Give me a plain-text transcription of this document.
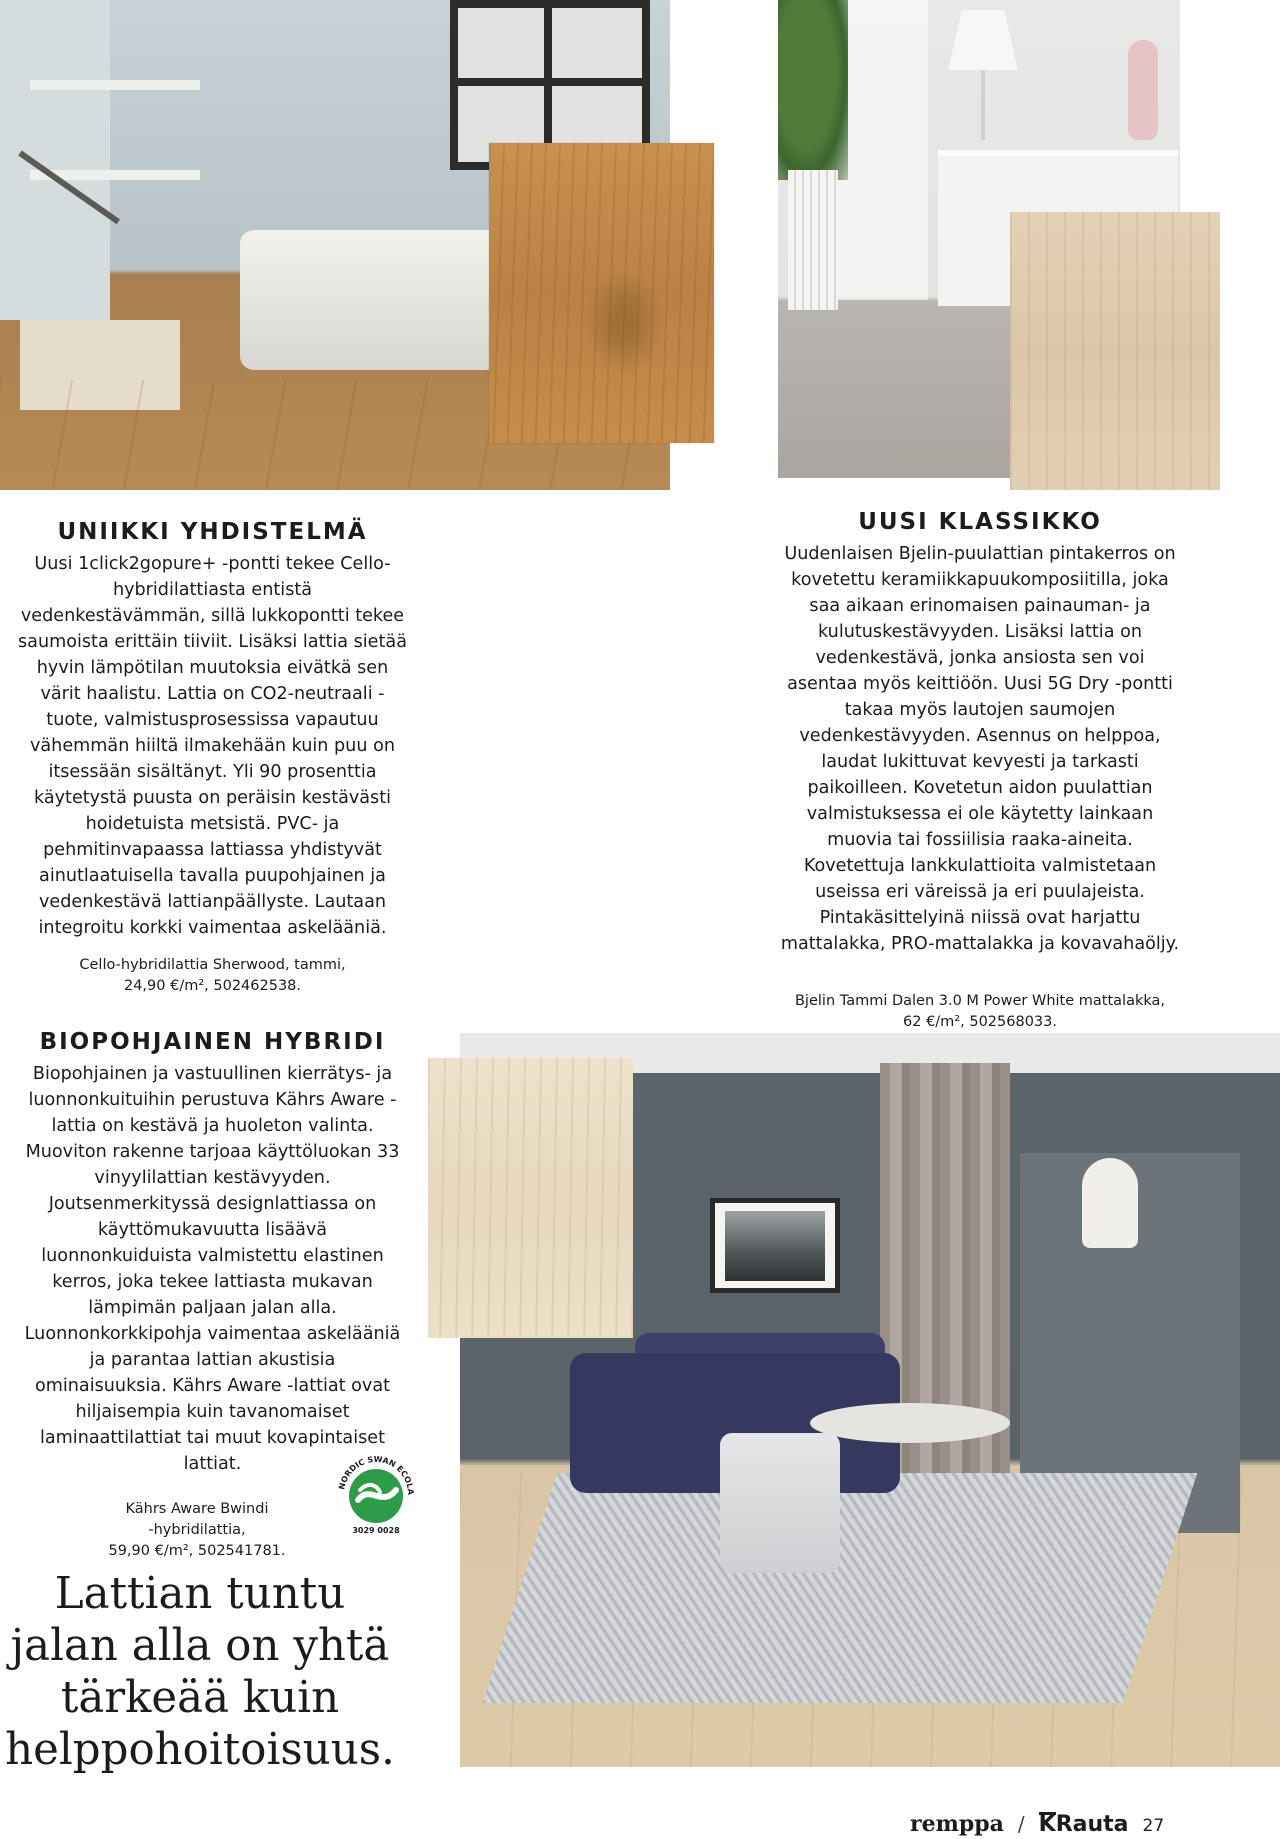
UNIIKKI YHDISTELMÄ

Uusi 1click2gopure+ -pontti tekee Cello-hybridilattiasta entistä vedenkestävämmän, sillä lukkopontti tekee saumoista erittäin tiiviit. Lisäksi lattia sietää hyvin lämpötilan muutoksia eivätkä sen värit haalistu. Lattia on CO2-neutraali -tuote, valmistusprosessissa vapautuu vähemmän hiiltä ilmakehään kuin puu on itsessään sisältänyt. Yli 90 prosenttia käytetystä puusta on peräisin kestävästi hoidetuista metsistä. PVC- ja pehmitinvapaassa lattiassa yhdistyvät ainutlaatuisella tavalla puupohjainen ja vedenkestävä lattianpäällyste. Lautaan integroitu korkki vaimentaa askelääniä.

Cello-hybridilattia Sherwood, tammi,

24,90 €/m², 502462538.

UUSI KLASSIKKO

Uudenlaisen Bjelin-puulattian pintakerros on kovetettu keramiikkapuukomposiitilla, joka saa aikaan erinomaisen painauman- ja kulutuskestävyyden. Lisäksi lattia on vedenkestävä, jonka ansiosta sen voi asentaa myös keittiöön. Uusi 5G Dry -pontti takaa myös lautojen saumojen vedenkestävyyden. Asennus on helppoa, laudat lukittuvat kevyesti ja tarkasti paikoilleen. Kovetetun aidon puulattian valmistuksessa ei ole käytetty lainkaan muovia tai fossiilisia raaka-aineita. Kovetettuja lankkulattioita valmistetaan useissa eri väreissä ja eri puulajeista. Pintakäsittelyinä niissä ovat harjattu mattalakka, PRO-mattalakka ja kovavahaöljy.

Bjelin Tammi Dalen 3.0 M Power White mattalakka,

62 €/m², 502568033.

BIOPOHJAINEN HYBRIDI

Biopohjainen ja vastuullinen kierrätys- ja luonnonkuituihin perustuva Kährs Aware -lattia on kestävä ja huoleton valinta. Muoviton rakenne tarjoaa käyttöluokan 33 vinyylilattian kestävyyden. Joutsenmerkityssä designlattiassa on käyttömukavuutta lisäävä luonnonkuiduista valmistettu elastinen kerros, joka tekee lattiasta mukavan lämpimän paljaan jalan alla. Luonnonkorkkipohja vaimentaa askelääniä ja parantaa lattian akustisia ominaisuuksia. Kährs Aware -lattiat ovat hiljaisempia kuin tavanomaiset laminaattilattiat tai muut kovapintaiset lattiat.

Kährs Aware Bwindi

-hybridilattia,

59,90 €/m², 502541781.

NORDIC SWAN ECOLA
3029 0028
Lattian tuntu
jalan alla on yhtä
tärkeää kuin
helppohoitoisuus.
remppa / KRauta 27
